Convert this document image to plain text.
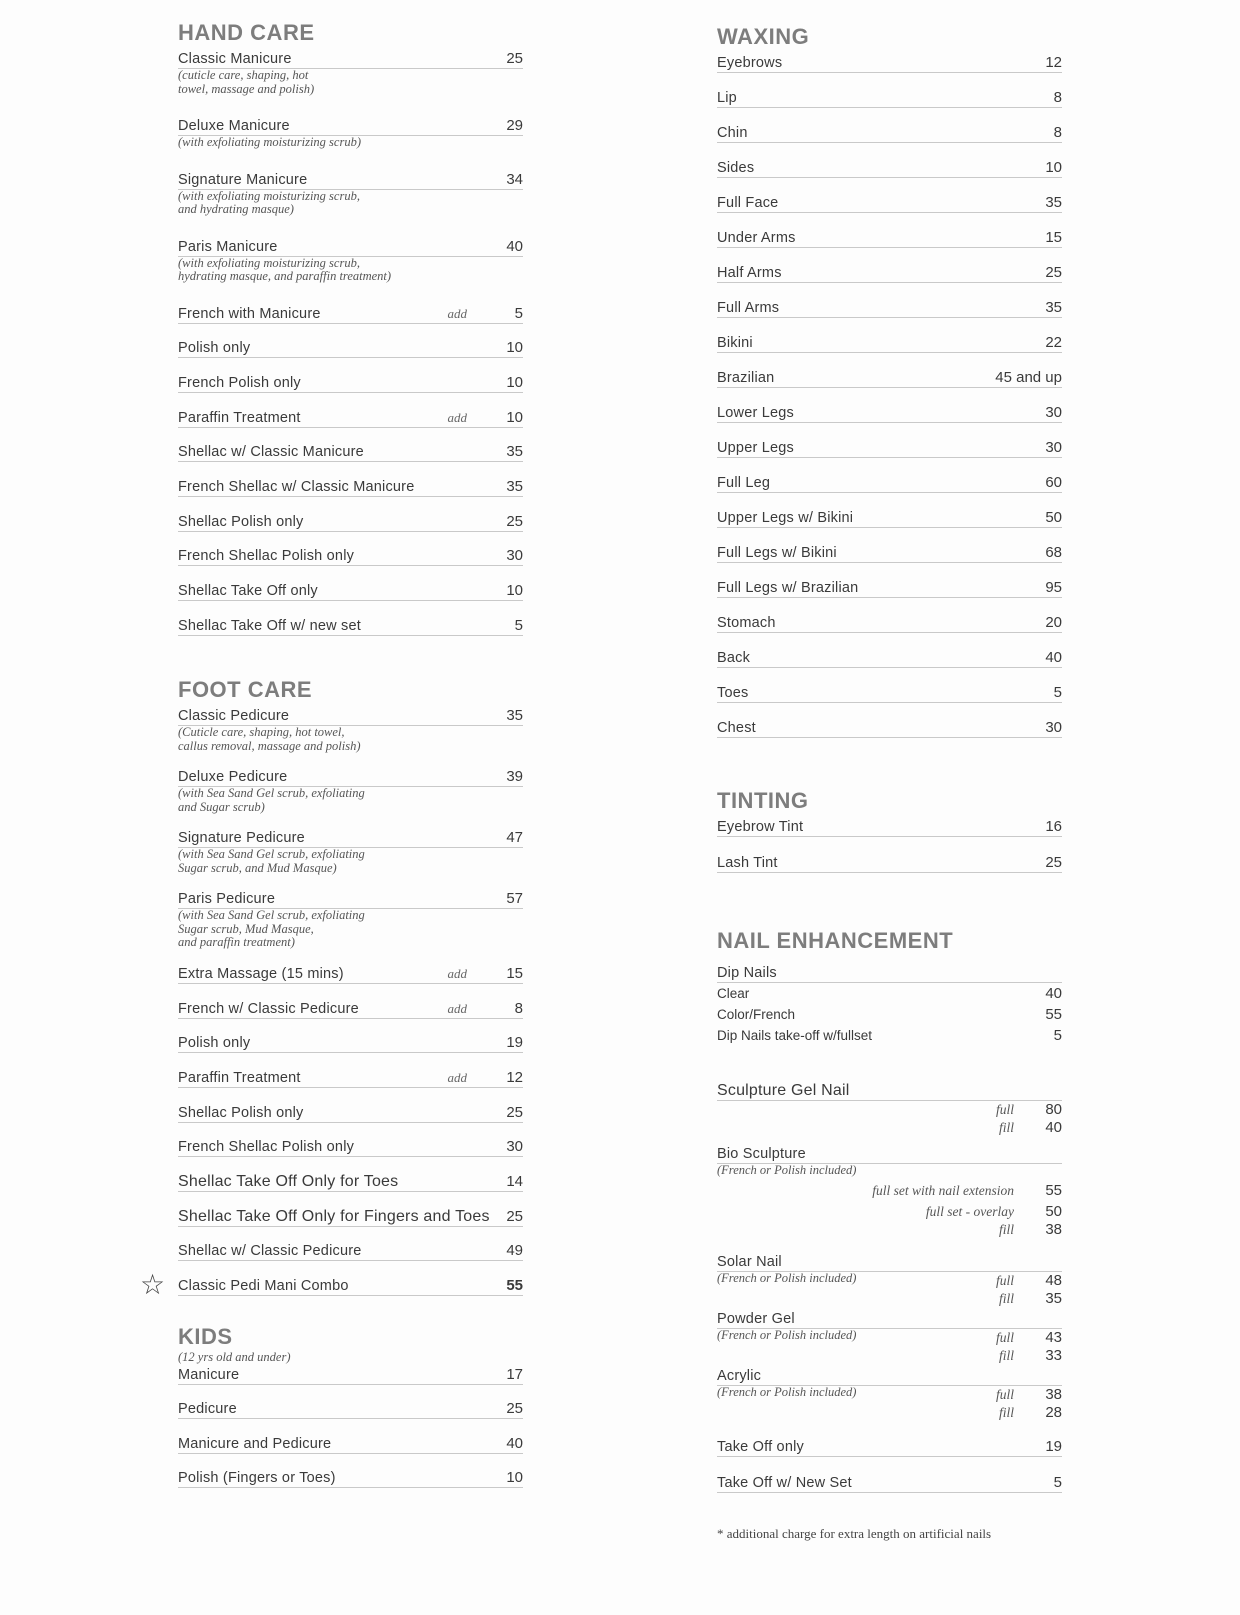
HAND CARE
Classic Manicure	25
(cuticle care, shaping, hot
towel, massage and polish)
Deluxe Manicure	29
(with exfoliating moisturizing scrub)
Signature Manicure	34
(with exfoliating moisturizing scrub,
and hydrating masque)
Paris Manicure	40
(with exfoliating moisturizing scrub,
hydrating masque, and paraffin treatment)
French with Manicure	add	5
Polish only	10
French Polish only	10
Paraffin Treatment	add	10
Shellac w/ Classic Manicure	35
French Shellac w/ Classic Manicure	35
Shellac Polish only	25
French Shellac Polish only	30
Shellac Take Off only	10
Shellac Take Off w/ new set	5
FOOT CARE
Classic Pedicure	35
(Cuticle care, shaping, hot towel,
callus removal, massage and polish)
Deluxe Pedicure	39
(with Sea Sand Gel scrub, exfoliating
and Sugar scrub)
Signature Pedicure	47
(with Sea Sand Gel scrub, exfoliating
Sugar scrub, and Mud Masque)
Paris Pedicure	57
(with Sea Sand Gel scrub, exfoliating
Sugar scrub, Mud Masque,
and paraffin treatment)
Extra Massage (15 mins)	add	15
French w/ Classic Pedicure	add	8
Polish only	19
Paraffin Treatment	add	12
Shellac Polish only	25
French Shellac Polish only	30
Shellac Take Off Only for Toes	14
Shellac Take Off Only for Fingers and Toes	25
Shellac w/ Classic Pedicure	49
☆ Classic Pedi Mani Combo	55
KIDS
(12 yrs old and under)
Manicure	17
Pedicure	25
Manicure and Pedicure	40
Polish (Fingers or Toes)	10
WAXING
Eyebrows	12
Lip	8
Chin	8
Sides	10
Full Face	35
Under Arms	15
Half Arms	25
Full Arms	35
Bikini	22
Brazilian	45 and up
Lower Legs	30
Upper Legs	30
Full Leg	60
Upper Legs w/ Bikini	50
Full Legs w/ Bikini	68
Full Legs w/ Brazilian	95
Stomach	20
Back	40
Toes	5
Chest	30
TINTING
Eyebrow Tint	16
Lash Tint	25
NAIL ENHANCEMENT
Dip Nails
Clear	40
Color/French	55
Dip Nails take-off w/fullset	5
Sculpture Gel Nail
full	80
fill	40
Bio Sculpture
(French or Polish included)
full set with nail extension	55
full set - overlay	50
fill	38
Solar Nail
(French or Polish included)	full	48
fill	35
Powder Gel
(French or Polish included)	full	43
fill	33
Acrylic
(French or Polish included)	full	38
fill	28
Take Off only	19
Take Off w/ New Set	5
* additional charge for extra length on artificial nails
